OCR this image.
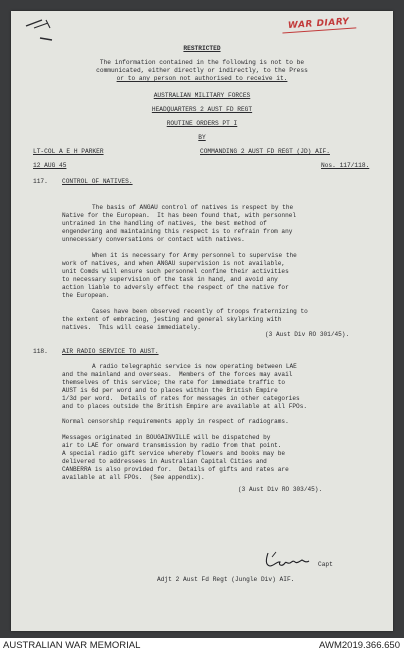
WAR DIARY
RESTRICTED
The information contained in the following is not to be
communicated, either directly or indirectly, to the Press
or to any person not authorised to receive it.
AUSTRALIAN MILITARY FORCES
HEADQUARTERS 2 AUST FD REGT
ROUTINE ORDERS PT I
BY
LT-COL A E H PARKER	COMMANDING 2 AUST FD REGT (JD) AIF.
12 AUG 45	Nos. 117/118.
117. CONTROL OF NATIVES.
The basis of ANGAU control of natives is respect by the
Native for the European.  It has been found that, with personnel
untrained in the handling of natives, the best method of
engendering and maintaining this respect is to refrain from any
unnecessary conversations or contact with natives.
When it is necessary for Army personnel to supervise the
work of natives, and when ANGAU supervision is not available,
unit Comds will ensure such personnel confine their activities
to necessary supervision of the task in hand, and avoid any
action liable to adversly effect the respect of the native for
the European.
Cases have been observed recently of troops fraternizing to
the extent of embracing, jesting and general skylarking with
natives.  This will cease immediately.
(3 Aust Div RO 301/45).
118. AIR RADIO SERVICE TO AUST.
A radio telegraphic service is now operating between LAE
and the mainland and overseas.  Members of the forces may avail
themselves of this service; the rate for immediate traffic to
AUST is 6d per word and to places within the British Empire
1/3d per word.  Details of rates for messages in other categories
and to places outside the British Empire are available at all FPOs.
Normal censorship requirements apply in respect of radiograms.
Messages originated in BOUGAINVILLE will be dispatched by
air to LAE for onward transmission by radio from that point.
A special radio gift service whereby flowers and books may be
delivered to addressees in Australian Capital Cities and
CANBERRA is also provided for.  Details of gifts and rates are
available at all FPOs.  (See appendix).
(3 Aust Div RO 303/45).
Capt
Adjt 2 Aust Fd Regt (Jungle Div) AIF.
AUSTRALIAN WAR MEMORIAL	AWM2019.366.650
